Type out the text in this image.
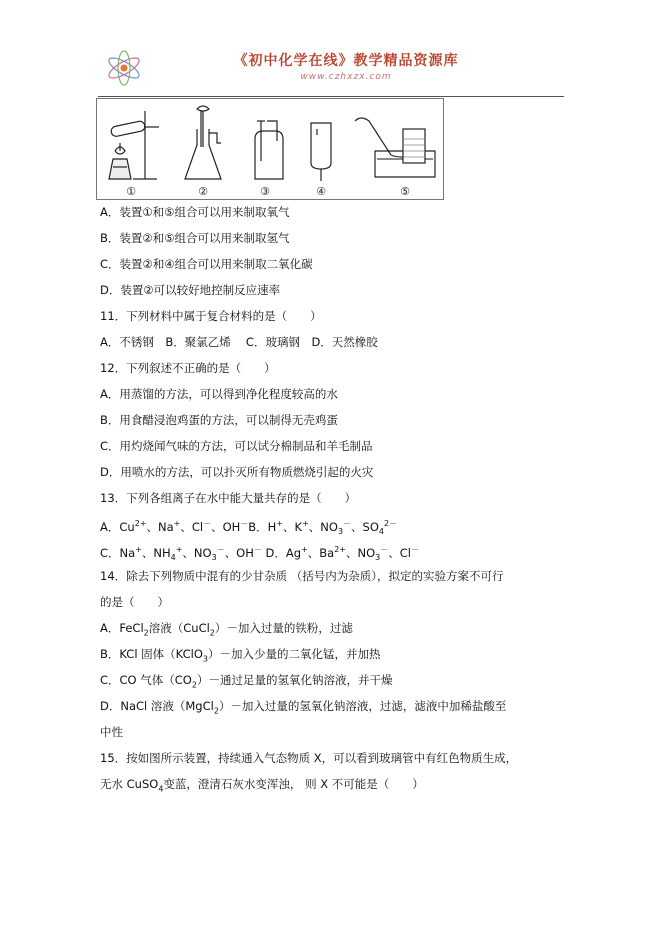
《初中化学在线》教学精品资源库
www.czhxzx.com
①	②	③	④	⑤
A．装置①和⑤组合可以用来制取氧气
B．装置②和⑤组合可以用来制取氢气
C．装置②和④组合可以用来制取二氧化碳
D．装置②可以较好地控制反应速率
11．下列材料中属于复合材料的是（　　）
A．不锈钢　B．聚氯乙烯　 C．玻璃钢　D．天然橡胶
12．下列叙述不正确的是（　　）
A．用蒸馏的方法，可以得到净化程度较高的水
B．用食醋浸泡鸡蛋的方法，可以制得无壳鸡蛋
C．用灼烧闻气味的方法，可以试分棉制品和羊毛制品
D．用喷水的方法，可以扑灭所有物质燃烧引起的火灾
13．下列各组离子在水中能大量共存的是（　　）
A．$Cu^{2+}$、Na+、Cl－、OH－B．H+、K+、$NO_3^-$、$SO_4^{2-}$
C．Na+、$NH_4^+$、$NO_3^-$、OH－ D．Ag+、$Ba^{2+}$、$NO_3^-$、Cl－
14．除去下列物质中混有的少甘杂质 （括号内为杂质），拟定的实验方案不可行
的是（　　）
A．FeCl$_2$溶液（CuCl$_2$）－加入过量的铁粉，过滤
B．KCl 固体（KClO$_3$）－加入少量的二氧化锰，并加热
C．CO 气体$(CO_2)-$通过足量的氢氧化钠溶液，并干燥
D．NaCl 溶液（MgCl$_2$）－加入过量的氢氧化钠溶液，过滤，滤液中加稀盐酸至
中性
15．按如图所示装置，持续通入气态物质 X，可以看到玻璃管中有红色物质生成，
无水 CuSO$_4$变蓝，澄清石灰水变浑浊， 则 X 不可能是（　　）
